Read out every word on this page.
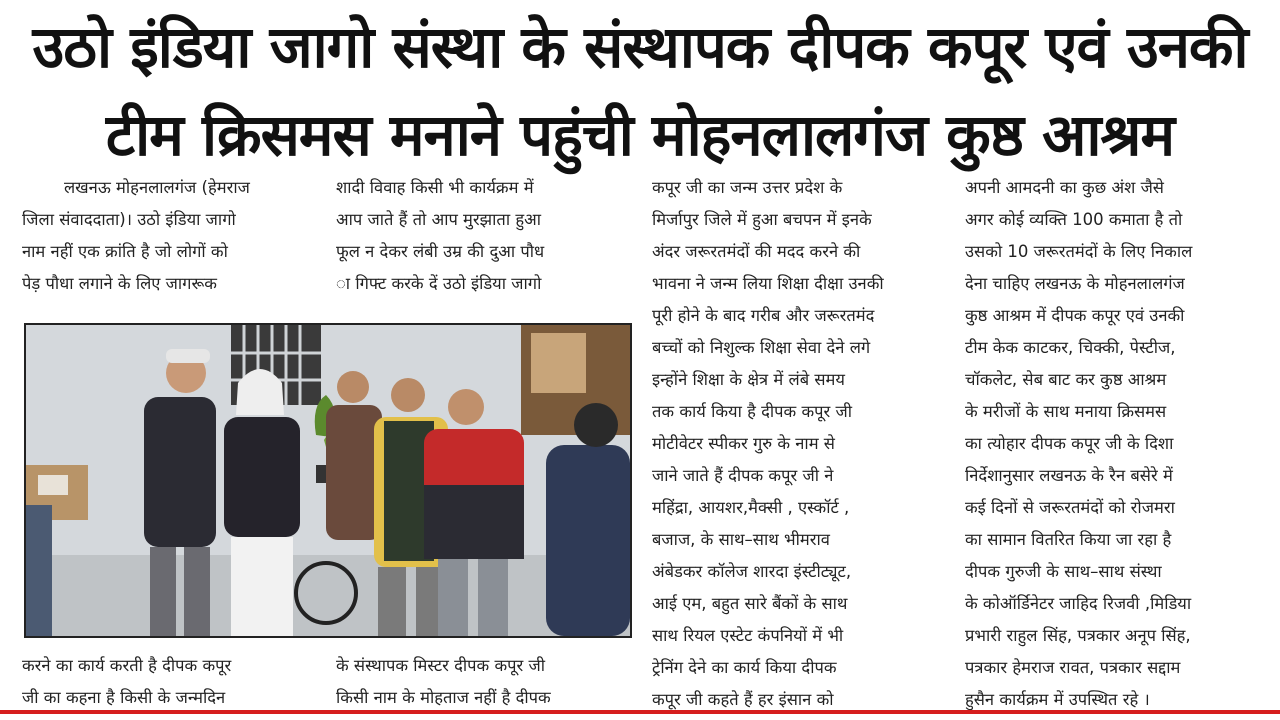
उठो इंडिया जागो संस्था के संस्थापक दीपक कपूर एवं उनकी
टीम क्रिसमस मनाने पहुंची मोहनलालगंज कुष्ठ आश्रम
लखनऊ मोहनलालगंज (हेमराज
जिला संवाददाता)। उठो इंडिया जागो
नाम नहीं एक क्रांति है जो लोगों को
पेड़ पौधा लगाने के लिए जागरूक
शादी विवाह किसी भी कार्यक्रम में
आप जाते हैं तो आप मुरझाता हुआ
फूल न देकर लंबी उम्र की दुआ पौध
ा गिफ्ट करके दें उठो इंडिया जागो
करने का कार्य करती है दीपक कपूर
जी का कहना है किसी के जन्मदिन
के संस्थापक मिस्टर दीपक कपूर जी
किसी नाम के मोहताज नहीं है दीपक
कपूर जी का जन्म उत्तर प्रदेश के
मिर्जापुर जिले में हुआ बचपन में इनके
अंदर जरूरतमंदों की मदद करने की
भावना ने जन्म लिया शिक्षा दीक्षा उनकी
पूरी होने के बाद गरीब और जरूरतमंद
बच्चों को निशुल्क शिक्षा सेवा देने लगे
इन्होंने शिक्षा के क्षेत्र में लंबे समय
तक कार्य किया है दीपक कपूर जी
मोटीवेटर स्पीकर गुरु के नाम से
जाने जाते हैं दीपक कपूर जी ने
महिंद्रा, आयशर,मैक्सी , एस्कॉर्ट ,
बजाज, के साथ–साथ भीमराव
अंबेडकर कॉलेज शारदा इंस्टीट्यूट,
आई एम, बहुत सारे बैंकों के साथ
साथ रियल एस्टेट कंपनियों में भी
ट्रेनिंग देने का कार्य किया दीपक
कपूर जी कहते हैं हर इंसान को
अपनी आमदनी का कुछ अंश जैसे
अगर कोई व्यक्ति 100 कमाता है तो
उसको 10 जरूरतमंदों के लिए निकाल
देना चाहिए लखनऊ के मोहनलालगंज
कुष्ठ आश्रम में दीपक कपूर एवं उनकी
टीम केक काटकर, चिक्की, पेस्टीज,
चॉकलेट, सेब बाट कर कुष्ठ आश्रम
के मरीजों के साथ मनाया क्रिसमस
का त्योहार दीपक कपूर जी के दिशा
निर्देशानुसार लखनऊ के रैन बसेरे में
कई दिनों से जरूरतमंदों को रोजमरा
का सामान वितरित किया जा रहा है
दीपक गुरुजी के साथ–साथ संस्था
के कोऑर्डिनेटर जाहिद रिजवी ,मिडिया
प्रभारी राहुल सिंह, पत्रकार अनूप सिंह,
पत्रकार हेमराज रावत, पत्रकार सद्दाम
हुसैन कार्यक्रम में उपस्थित रहे ।
